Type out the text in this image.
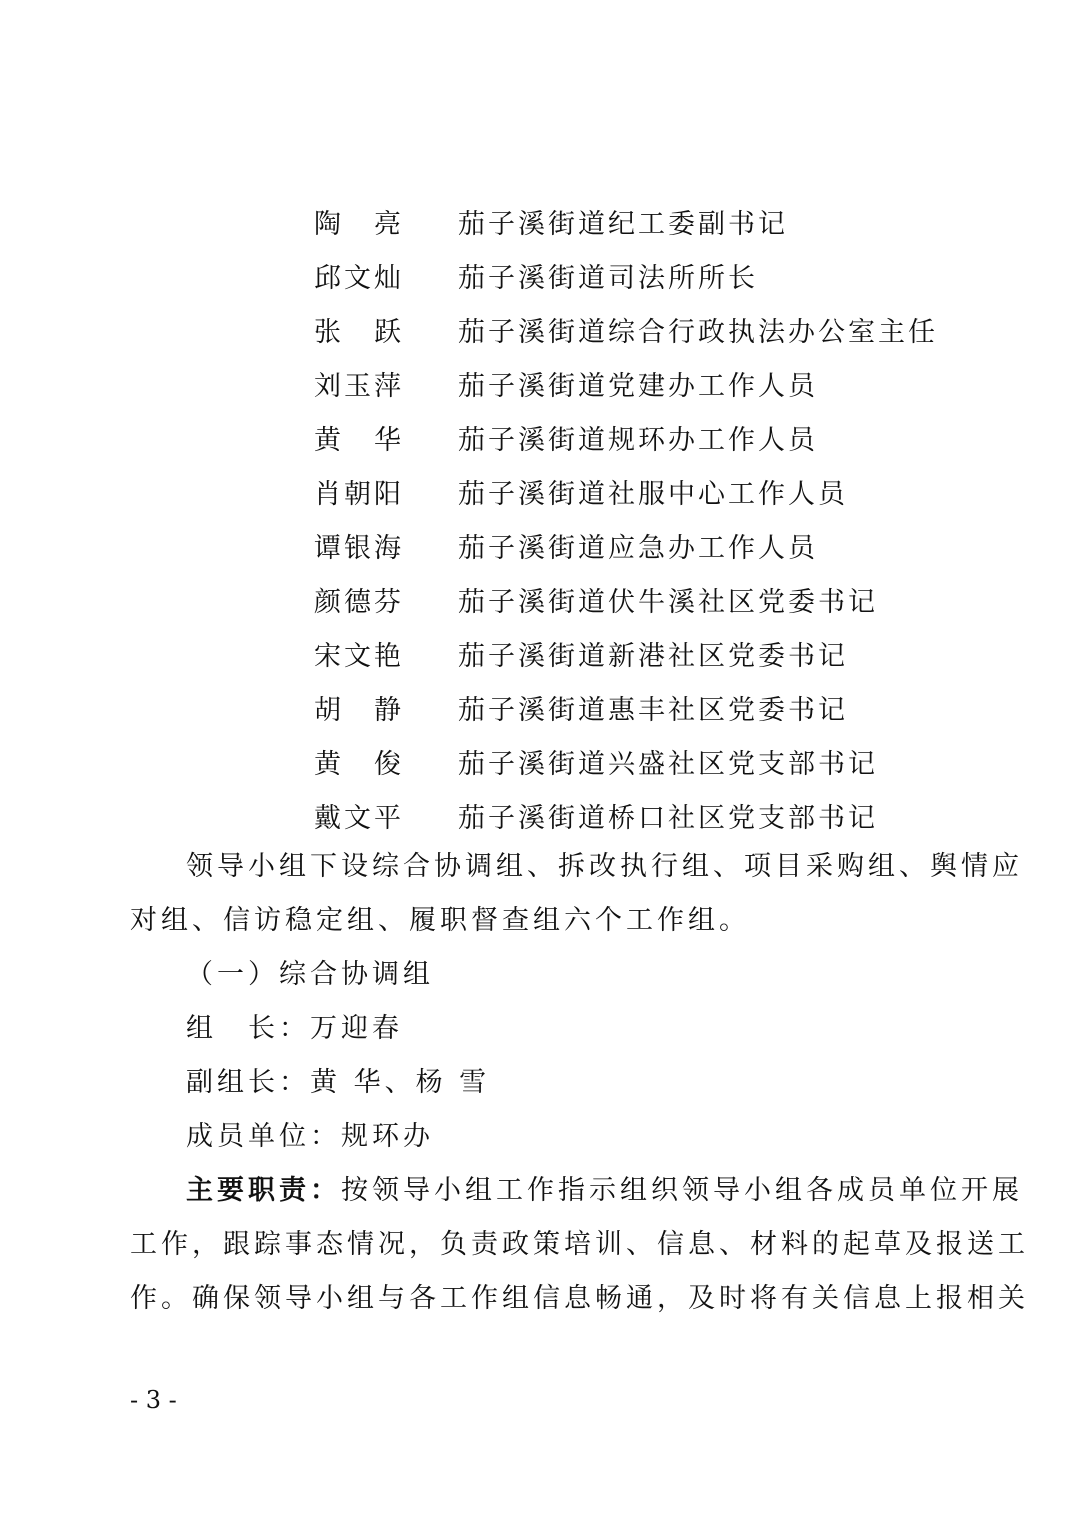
陶　亮	茄子溪街道纪工委副书记
邱文灿	茄子溪街道司法所所长
张　跃	茄子溪街道综合行政执法办公室主任
刘玉萍	茄子溪街道党建办工作人员
黄　华	茄子溪街道规环办工作人员
肖朝阳	茄子溪街道社服中心工作人员
谭银海	茄子溪街道应急办工作人员
颜德芬	茄子溪街道伏牛溪社区党委书记
宋文艳	茄子溪街道新港社区党委书记
胡　静	茄子溪街道惠丰社区党委书记
黄　俊	茄子溪街道兴盛社区党支部书记
戴文平	茄子溪街道桥口社区党支部书记
领导小组下设综合协调组、拆改执行组、项目采购组、舆情应
对组、信访稳定组、履职督查组六个工作组。
（一）综合协调组
组　长：万迎春
副组长：黄 华、杨 雪
成员单位：规环办
主要职责：按领导小组工作指示组织领导小组各成员单位开展
工作，跟踪事态情况，负责政策培训、信息、材料的起草及报送工
作。确保领导小组与各工作组信息畅通，及时将有关信息上报相关
- 3 -
